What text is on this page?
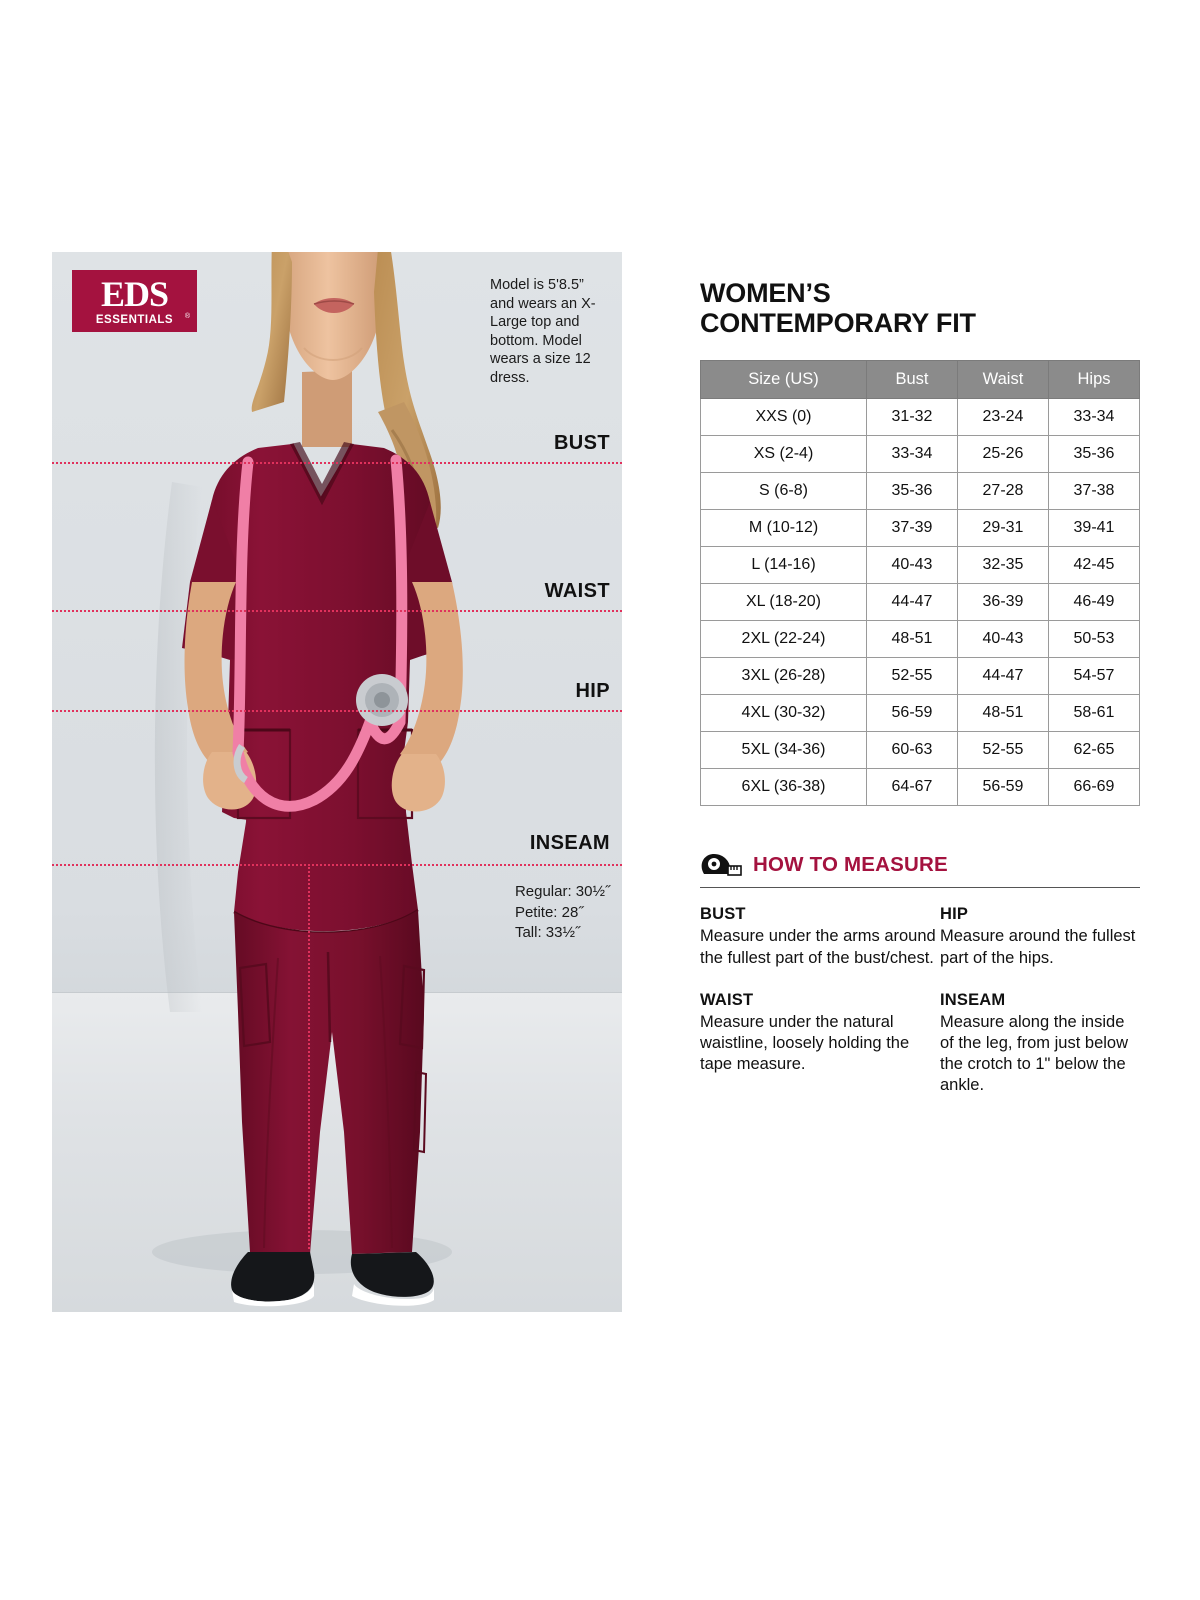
EDS
ESSENTIALS ®
Model is 5'8.5” and wears an X-Large top and bottom. Model wears a size 12 dress.
BUST
WAIST
HIP
INSEAM
Regular: 30½˝
Petite: 28˝
Tall: 33½˝
WOMEN’S
CONTEMPORARY FIT
Size (US)	Bust	Waist	Hips
XXS (0)	31-32	23-24	33-34
XS (2-4)	33-34	25-26	35-36
S (6-8)	35-36	27-28	37-38
M (10-12)	37-39	29-31	39-41
L (14-16)	40-43	32-35	42-45
XL (18-20)	44-47	36-39	46-49
2XL (22-24)	48-51	40-43	50-53
3XL (26-28)	52-55	44-47	54-57
4XL (30-32)	56-59	48-51	58-61
5XL (34-36)	60-63	52-55	62-65
6XL (36-38)	64-67	56-59	66-69
HOW TO MEASURE
BUST

Measure under the arms around the fullest part of the bust/chest.

HIP

Measure around the fullest part of the hips.

WAIST

Measure under the natural waistline, loosely holding the tape measure.

INSEAM

Measure along the inside of the leg, from just below the crotch to 1" below the ankle.
